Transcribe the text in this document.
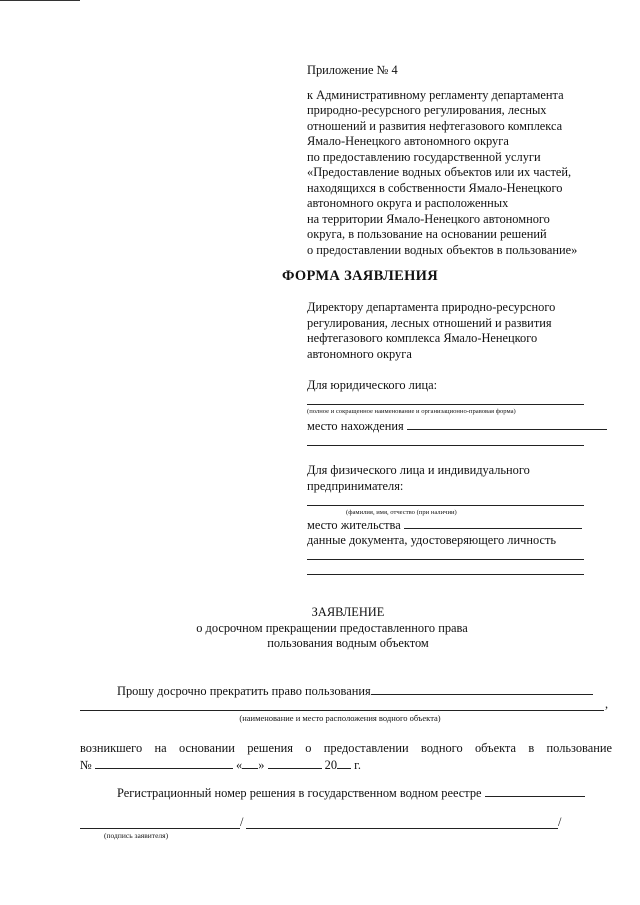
Приложение № 4
к Административному регламенту департамента
природно-ресурсного регулирования, лесных
отношений и развития нефтегазового комплекса
Ямало-Ненецкого автономного округа
по предоставлению государственной услуги
«Предоставление водных объектов или их частей,
находящихся в собственности Ямало-Ненецкого
автономного округа и расположенных
на территории Ямало-Ненецкого автономного
округа, в пользование на основании решений
о предоставлении водных объектов в пользование»
ФОРМА ЗАЯВЛЕНИЯ
Директору департамента природно-ресурсного
регулирования, лесных отношений и развития
нефтегазового комплекса Ямало-Ненецкого
автономного округа
Для юридического лица:
(полное и сокращенное наименование и организационно-правовая форма)
место нахождения
Для физического лица и индивидуального
предпринимателя:
(фамилия, имя, отчество (при наличии)
место жительства
данные документа, удостоверяющего личность
ЗАЯВЛЕНИЕ
о досрочном прекращении предоставленного права
пользования водным объектом
Прошу досрочно прекратить право пользования
,
(наименование и место расположения водного объекта)
возникшего на основании решения о предоставлении водного объекта в пользование
№	« »	20 г.
Регистрационный номер решения в государственном водном реестре
/	/
(подпись заявителя)
